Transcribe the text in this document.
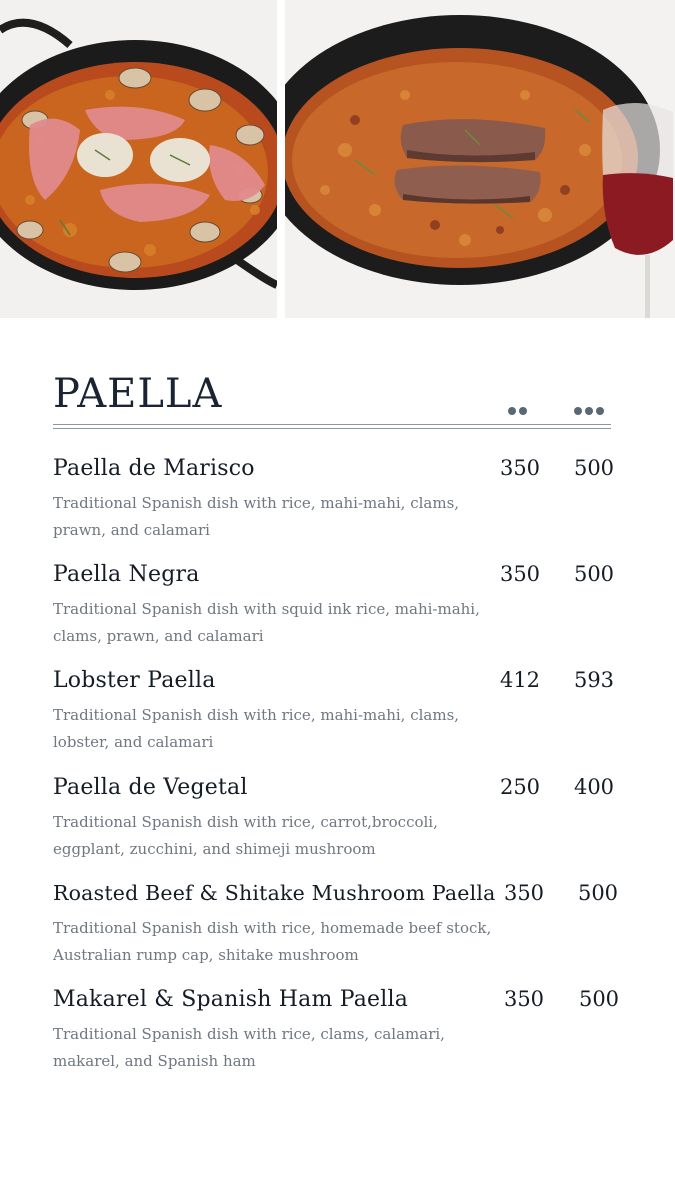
PAELLA
Paella de Marisco
Traditional Spanish dish with rice, mahi-mahi, clams, prawn, and calamari
350	500
Paella Negra
Traditional Spanish dish with squid ink rice, mahi-mahi, clams, prawn, and calamari
350	500
Lobster Paella
Traditional Spanish dish with rice, mahi-mahi, clams, lobster, and calamari
412	593
Paella de Vegetal
Traditional Spanish dish with rice, carrot,broccoli, eggplant, zucchini, and shimeji mushroom
250	400
Roasted Beef & Shitake Mushroom Paella
Traditional Spanish dish with rice, homemade beef stock, Australian rump cap, shitake mushroom
350	500
Makarel & Spanish Ham Paella
Traditional Spanish dish with rice, clams, calamari, makarel, and Spanish ham
350	500
